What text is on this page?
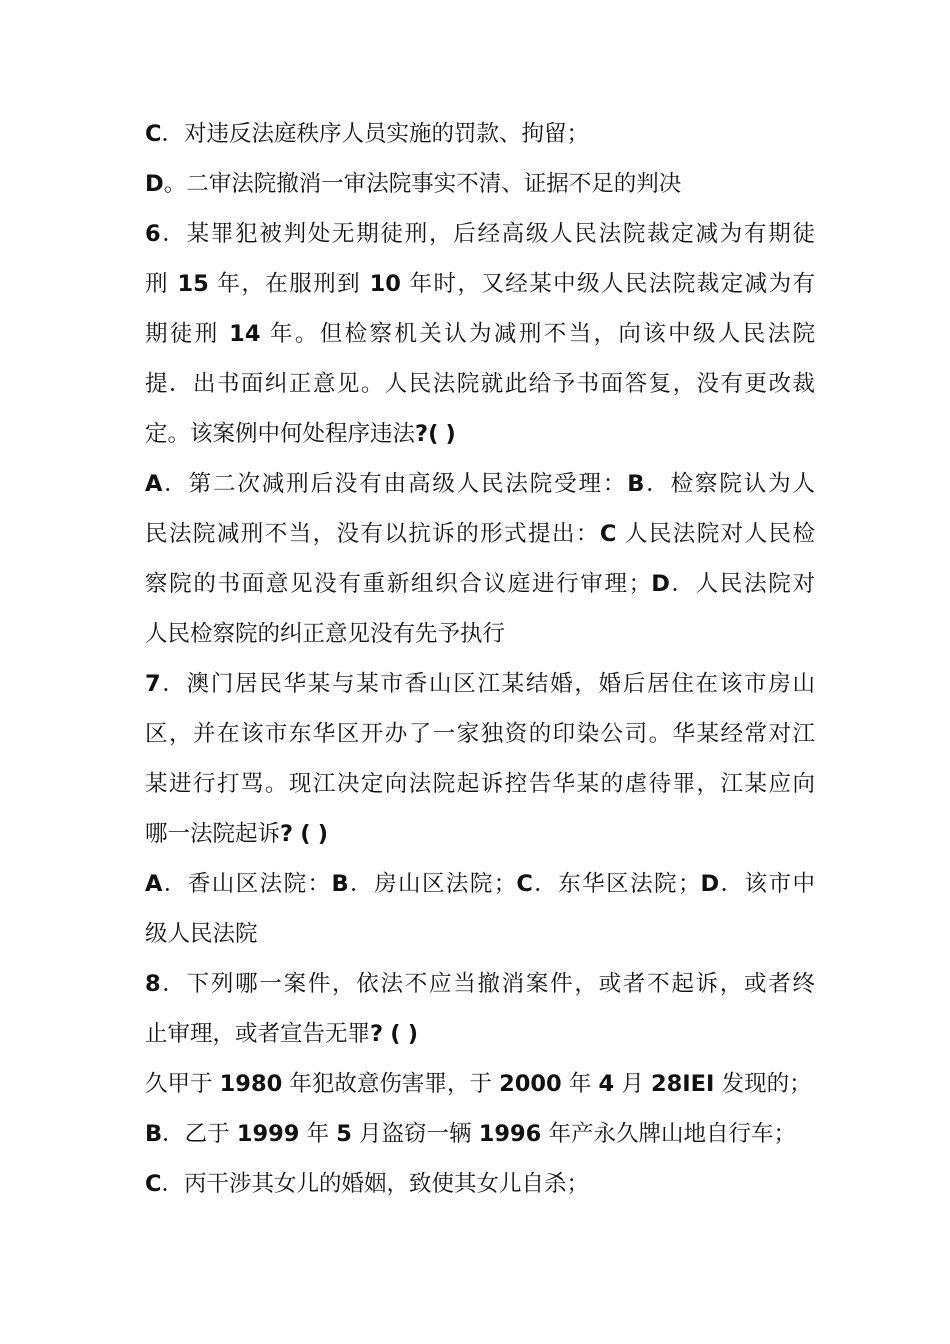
C．对违反法庭秩序人员实施的罚款、拘留；
D。二审法院撤消一审法院事实不清、证据不足的判决
6．某罪犯被判处无期徒刑，后经高级人民法院裁定减为有期徒
刑 15 年，在服刑到 10 年时，又经某中级人民法院裁定减为有
期徒刑 14 年。但检察机关认为减刑不当，向该中级人民法院
提．出书面纠正意见。人民法院就此给予书面答复，没有更改裁
定。该案例中何处程序违法?( )
A．第二次减刑后没有由高级人民法院受理：B．检察院认为人
民法院减刑不当，没有以抗诉的形式提出：C 人民法院对人民检
察院的书面意见没有重新组织合议庭进行审理；D．人民法院对
人民检察院的纠正意见没有先予执行
7．澳门居民华某与某市香山区江某结婚，婚后居住在该市房山
区，并在该市东华区开办了一家独资的印染公司。华某经常对江
某进行打骂。现江决定向法院起诉控告华某的虐待罪，江某应向
哪一法院起诉? ( )
A．香山区法院：B．房山区法院；C．东华区法院；D．该市中
级人民法院
8．下列哪一案件，依法不应当撤消案件，或者不起诉，或者终
止审理，或者宣告无罪? ( )
久甲于 1980 年犯故意伤害罪，于 2000 年 4 月 28IEI 发现的；
B．乙于 1999 年 5 月盗窃一辆 1996 年产永久牌山地自行车；
C．丙干涉其女儿的婚姻，致使其女儿自杀；
